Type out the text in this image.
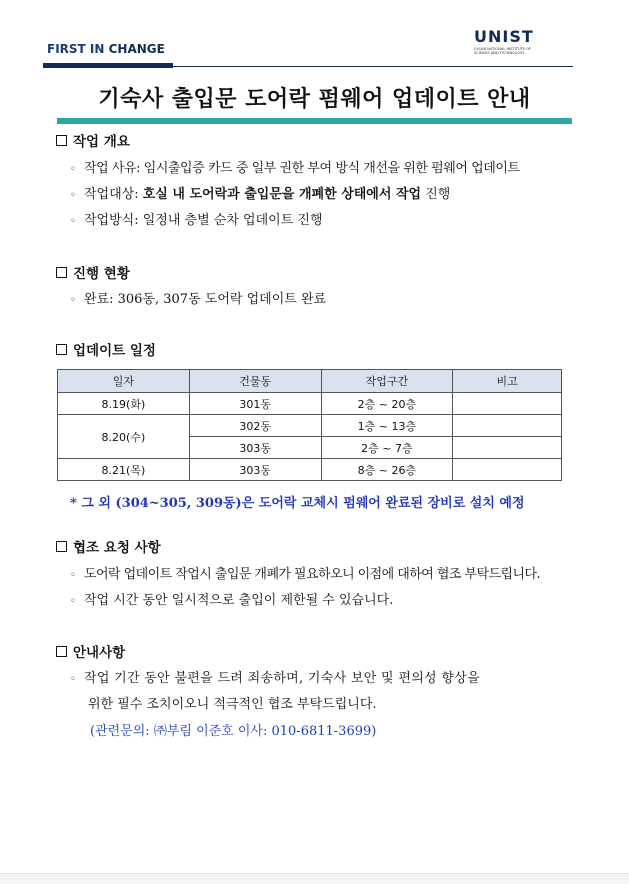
FIRST IN CHANGE
UNIST
ULSAN NATIONAL INSTITUTE OF SCIENCE AND TECHNOLOGY
기숙사 출입문 도어락 펌웨어 업데이트 안내
작업 개요
◦ 작업 사유: 임시출입증 카드 중 일부 권한 부여 방식 개선을 위한 펌웨어 업데이트
◦ 작업대상: 호실 내 도어락과 출입문을 개폐한 상태에서 작업 진행
◦ 작업방식: 일정내 층별 순차 업데이트 진행
진행 현황
◦ 완료: 306동, 307동 도어락 업데이트 완료
업데이트 일정
일자	건물동	작업구간	비고
8.19(화)	301동	2층 ~ 20층	
8.20(수)	302동	1층 ~ 13층	
	303동	2층 ~ 7층	
8.21(목)	303동	8층 ~ 26층	
* 그 외 (304~305, 309동)은 도어락 교체시 펌웨어 완료된 장비로 설치 예정
협조 요청 사항
◦ 도어락 업데이트 작업시 출입문 개폐가 필요하오니 이점에 대하여 협조 부탁드립니다.
◦ 작업 시간 동안 일시적으로 출입이 제한될 수 있습니다.
안내사항
◦ 작업 기간 동안 불편을 드려 죄송하며, 기숙사 보안 및 편의성 향상을
위한 필수 조치이오니 적극적인 협조 부탁드립니다.
(관련문의: ㈜부림 이준호 이사: 010-6811-3699)
